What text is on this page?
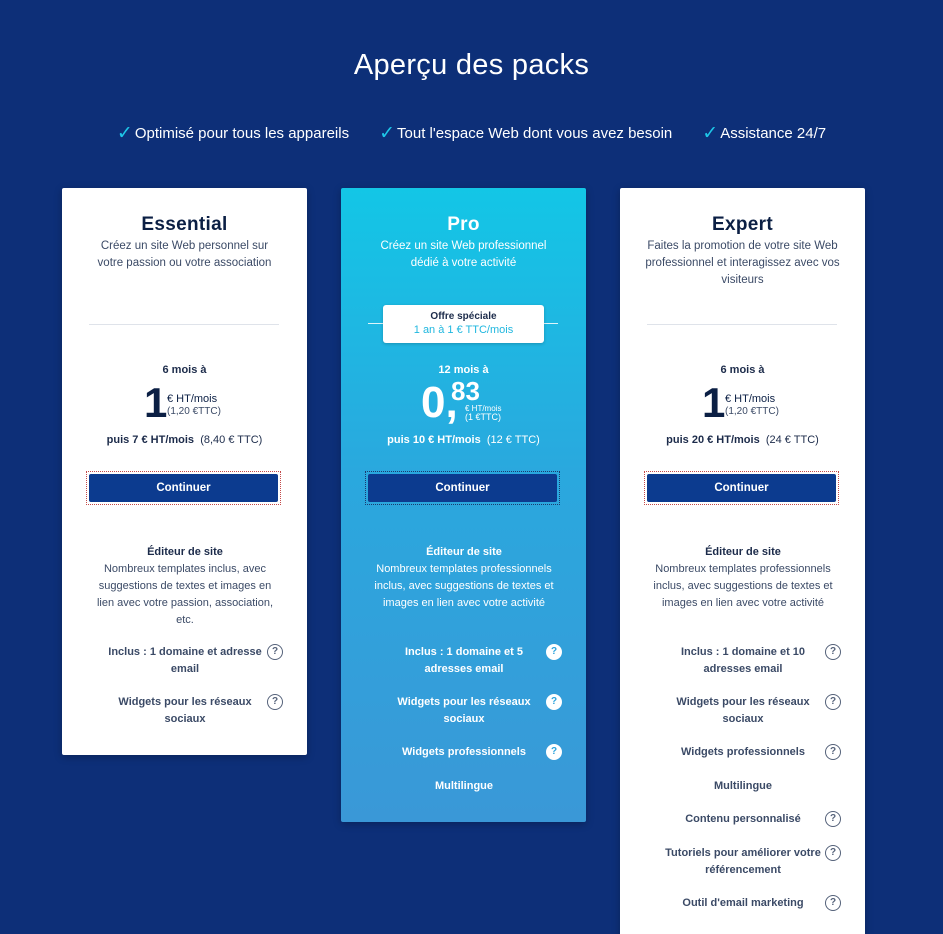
Aperçu des packs
✓ Optimisé pour tous les appareils ✓ Tout l'espace Web dont vous avez besoin ✓ Assistance 24/7
Essential
Créez un site Web personnel sur votre passion ou votre association
6 mois à
1 € HT/mois
(1,20 €TTC)
puis 7 € HT/mois (8,40 € TTC)
Continuer
Éditeur de site
Nombreux templates inclus, avec suggestions de textes et images en lien avec votre passion, association, etc.
Inclus : 1 domaine et adresse email
?
Widgets pour les réseaux sociaux
?
Pro
Créez un site Web professionnel dédié à votre activité
Offre spéciale
1 an à 1 € TTC/mois
12 mois à
0,
83
€ HT/mois
(1 €TTC)
puis 10 € HT/mois (12 € TTC)
Continuer
Éditeur de site
Nombreux templates professionnels inclus, avec suggestions de textes et images en lien avec votre activité
Inclus : 1 domaine et 5 adresses email
?
Widgets pour les réseaux sociaux
?
Widgets professionnels	?
Multilingue
Expert
Faites la promotion de votre site Web professionnel et interagissez avec vos visiteurs
6 mois à
1 € HT/mois
(1,20 €TTC)
puis 20 € HT/mois (24 € TTC)
Continuer
Éditeur de site
Nombreux templates professionnels inclus, avec suggestions de textes et images en lien avec votre activité
Inclus : 1 domaine et 10 adresses email
?
Widgets pour les réseaux sociaux
?
Widgets professionnels	?
Multilingue
Contenu personnalisé	?
Tutoriels pour améliorer votre référencement
?
Outil d'email marketing	?
